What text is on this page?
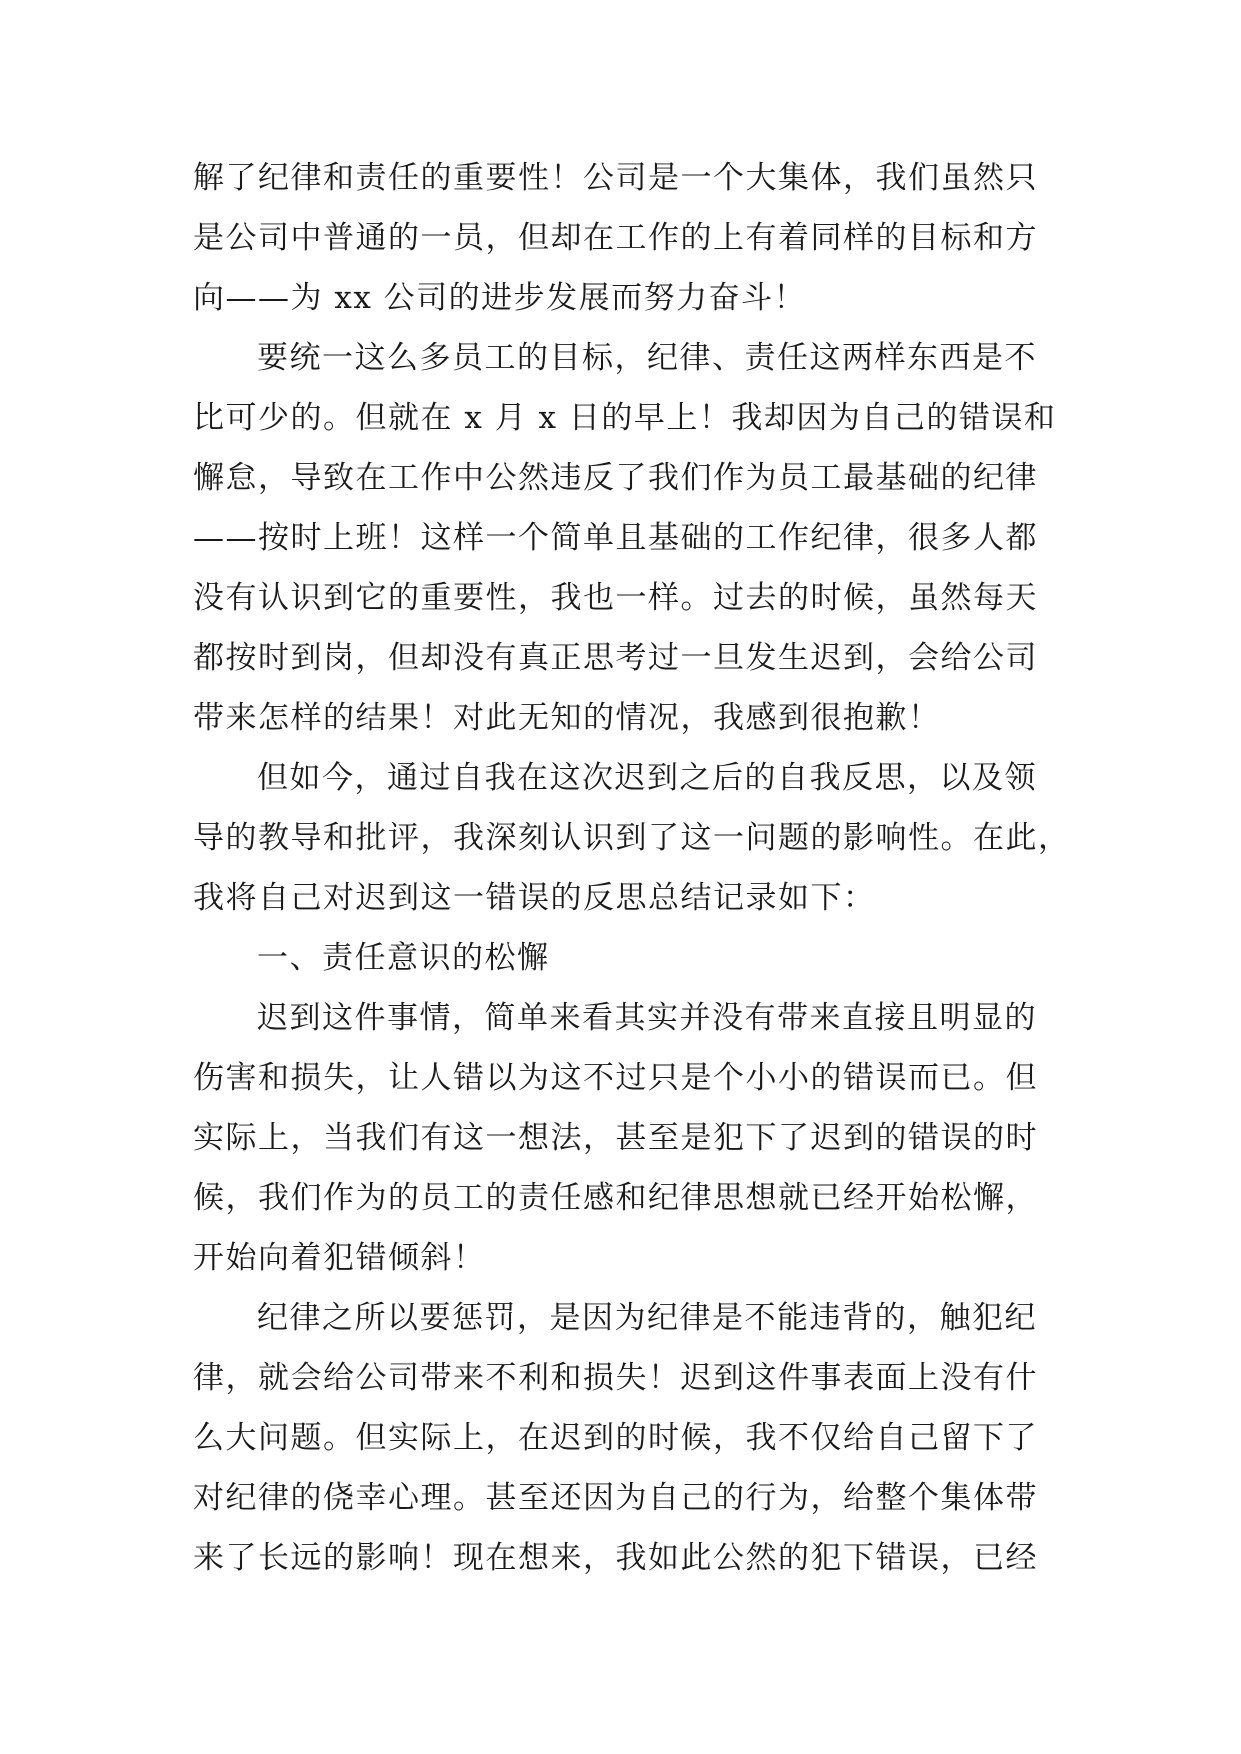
解了纪律和责任的重要性！公司是一个大集体，我们虽然只
是公司中普通的一员，但却在工作的上有着同样的目标和方
向——为 xx 公司的进步发展而努力奋斗！
要统一这么多员工的目标，纪律、责任这两样东西是不
比可少的。但就在 x 月 x 日的早上！我却因为自己的错误和
懈怠，导致在工作中公然违反了我们作为员工最基础的纪律
——按时上班！这样一个简单且基础的工作纪律，很多人都
没有认识到它的重要性，我也一样。过去的时候，虽然每天
都按时到岗，但却没有真正思考过一旦发生迟到，会给公司
带来怎样的结果！对此无知的情况，我感到很抱歉！
但如今，通过自我在这次迟到之后的自我反思，以及领
导的教导和批评，我深刻认识到了这一问题的影响性。在此，
我将自己对迟到这一错误的反思总结记录如下：
一、责任意识的松懈
迟到这件事情，简单来看其实并没有带来直接且明显的
伤害和损失，让人错以为这不过只是个小小的错误而已。但
实际上，当我们有这一想法，甚至是犯下了迟到的错误的时
候，我们作为的员工的责任感和纪律思想就已经开始松懈，
开始向着犯错倾斜！
纪律之所以要惩罚，是因为纪律是不能违背的，触犯纪
律，就会给公司带来不利和损失！迟到这件事表面上没有什
么大问题。但实际上，在迟到的时候，我不仅给自己留下了
对纪律的侥幸心理。甚至还因为自己的行为，给整个集体带
来了长远的影响！现在想来，我如此公然的犯下错误，已经
